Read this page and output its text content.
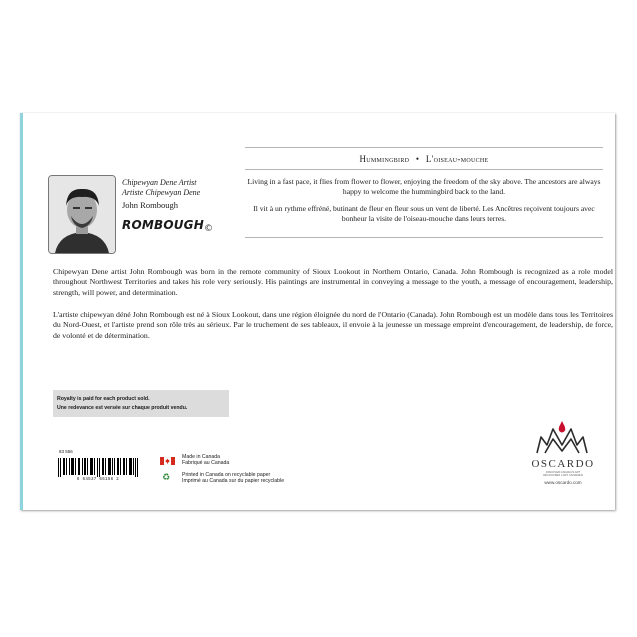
Chipewyan Dene Artist
Artiste Chipewyan Dene
John Rombough
ROMBOUGH©
Hummingbird • L'oiseau-mouche
Living in a fast pace, it flies from flower to flower, enjoying the freedom of the sky above. The ancestors are always happy to welcome the hummingbird back to the land.
Il vit à un rythme effréné, butinant de fleur en fleur sous un vent de liberté. Les Ancêtres reçoivent toujours avec bonheur la visite de l'oiseau-mouche dans leurs terres.
Chipewyan Dene artist John Rombough was born in the remote community of Sioux Lookout in Northern Ontario, Canada. John Rombough is recognized as a role model throughout Northwest Territories and takes his role very seriously. His paintings are instrumental in conveying a message to the youth, a message of encouragement, leadership, strength, will power, and determination.
L'artiste chipewyan déné John Rombough est né à Sioux Lookout, dans une région éloignée du nord de l'Ontario (Canada). John Rombough est un modèle dans tous les Territoires du Nord-Ouest, et l'artiste prend son rôle très au sérieux. Par le truchement de ses tableaux, il envoie à la jeunesse un message empreint d'encouragement, de leadership, de force, de volonté et de détermination.
Royalty is paid for each product sold.
Une redevance est versée sur chaque produit vendu.
83 556
6 64537 66156 2
Made in Canada
Fabriqué au Canada
♻ Printed in Canada on recyclable paper
Imprimé au Canada sur du papier recyclable
OSCARDO
DISCOVER CANADA'S ART
DÉCOUVREZ L'ART CANADIEN
www.oscardo.com
